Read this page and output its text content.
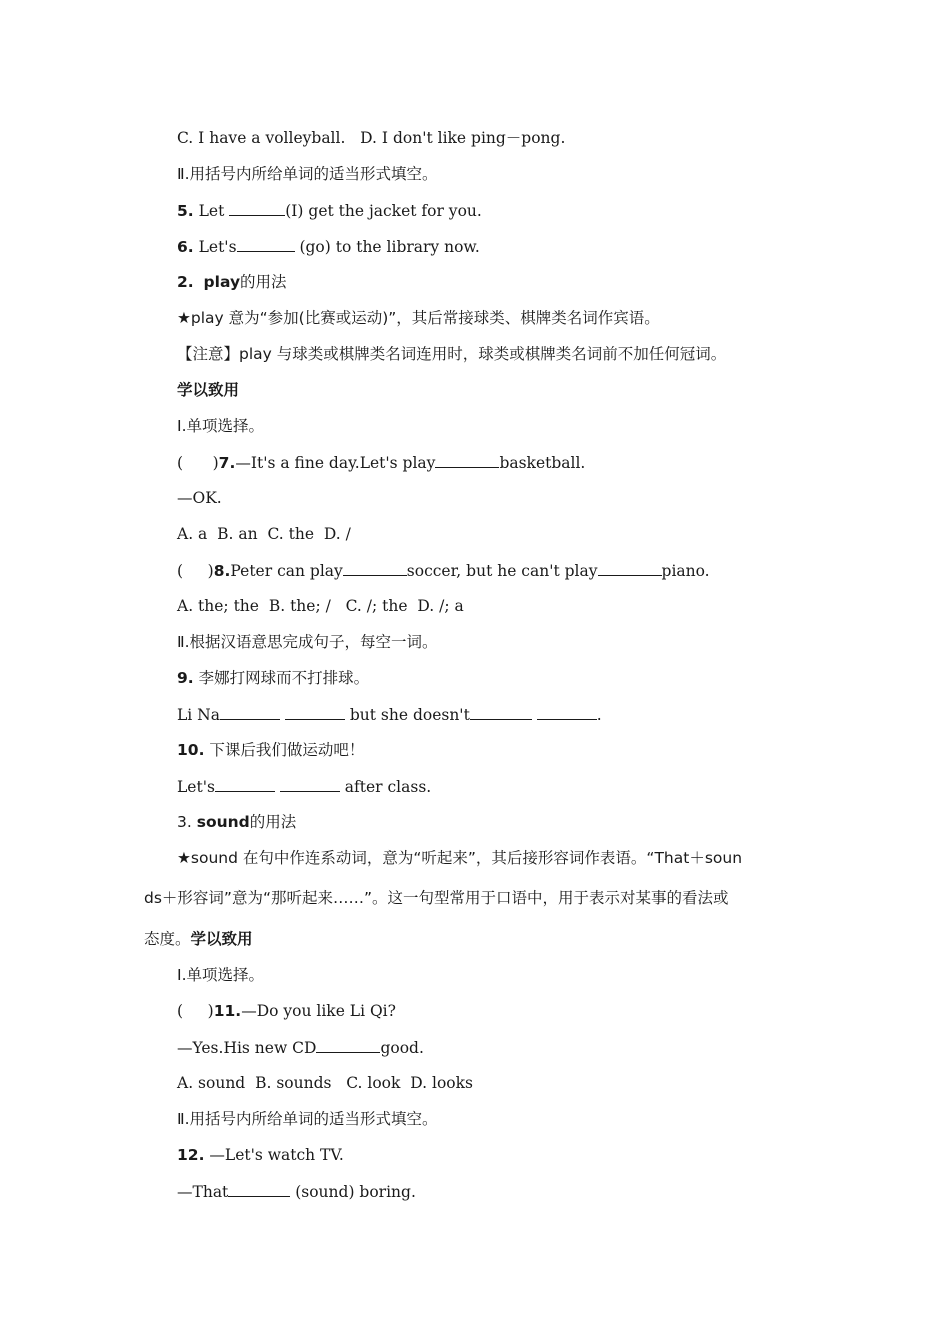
C. I have a volleyball.   D. I don't like ping－pong.
Ⅱ.用括号内所给单词的适当形式填空。
5. Let	(I) get the jacket for you.
6. Let's	(go) to the library now.
2. play的用法
★play 意为“参加(比赛或运动)”，其后常接球类、棋牌类名词作宾语。
【注意】play 与球类或棋牌类名词连用时，球类或棋牌类名词前不加任何冠词。
学以致用
Ⅰ.单项选择。
(      )7.—It's a fine day.Let's play	basketball.
—OK.
A. a  B. an  C. the  D. /
(     )8.Peter can play	soccer, but he can't play	piano.
A. the; the  B. the; /   C. /; the  D. /; a
Ⅱ.根据汉语意思完成句子，每空一词。
9. 李娜打网球而不打排球。
Li Na	but she doesn't	.
10. 下课后我们做运动吧！
Let's	after class.
3. sound的用法
★sound 在句中作连系动词，意为“听起来”，其后接形容词作表语。“That＋soun
ds＋形容词”意为“那听起来……”。这一句型常用于口语中，用于表示对某事的看法或
态度。学以致用
Ⅰ.单项选择。
(     )11.—Do you like Li Qi?
—Yes.His new CD	good.
A. sound  B. sounds   C. look  D. looks
Ⅱ.用括号内所给单词的适当形式填空。
12. —Let's watch TV.
—That	(sound) boring.
